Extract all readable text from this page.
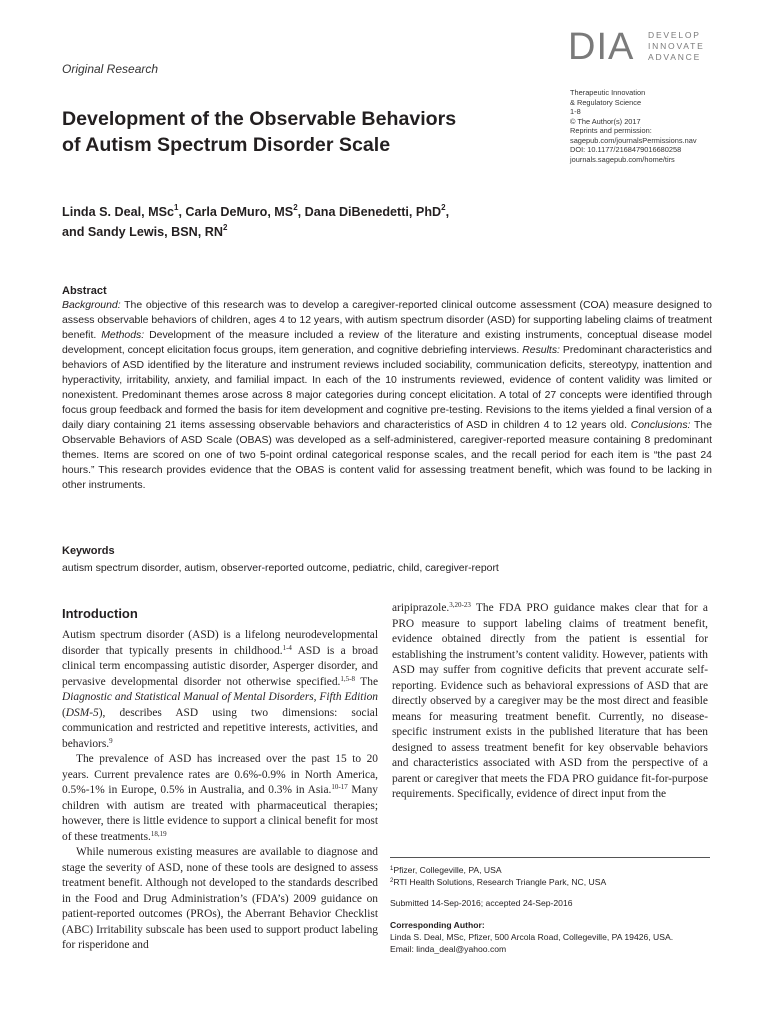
Original Research
DIA DEVELOP
INNOVATE
ADVANCE
Therapeutic Innovation
& Regulatory Science
1-8
© The Author(s) 2017
Reprints and permission:
sagepub.com/journalsPermissions.nav
DOI: 10.1177/2168479016680258
journals.sagepub.com/home/tirs
Development of the Observable Behaviors
of Autism Spectrum Disorder Scale
Linda S. Deal, MSc$^1$, Carla DeMuro, $MS^2$, Dana DiBenedetti, PhD$^2$,
and Sandy Lewis, BSN, $RN^2$
Abstract
Background: The objective of this research was to develop a caregiver-reported clinical outcome assessment (COA) measure designed to assess observable behaviors of children, ages 4 to 12 years, with autism spectrum disorder (ASD) for supporting labeling claims of treatment benefit. Methods: Development of the measure included a review of the literature and existing instruments, conceptual disease model development, concept elicitation focus groups, item generation, and cognitive debriefing interviews. Results: Predominant characteristics and behaviors of ASD identified by the literature and instrument reviews included sociability, communication deficits, stereotypy, inattention and hyperactivity, irritability, anxiety, and familial impact. In each of the 10 instruments reviewed, evidence of content validity was limited or nonexistent. Predominant themes arose across 8 major categories during concept elicitation. A total of 27 concepts were identified through focus group feedback and formed the basis for item development and cognitive pre-testing. Revisions to the items yielded a final version of a daily diary containing 21 items assessing observable behaviors and characteristics of ASD in children 4 to 12 years old. Conclusions: The Observable Behaviors of ASD Scale (OBAS) was developed as a self-administered, caregiver-reported measure containing 8 predominant themes. Items are scored on one of two 5-point ordinal categorical response scales, and the recall period for each item is “the past 24 hours.” This research provides evidence that the OBAS is content valid for assessing treatment benefit, which was found to be lacking in other instruments.
Keywords
autism spectrum disorder, autism, observer-reported outcome, pediatric, child, caregiver-report
Introduction

Autism spectrum disorder (ASD) is a lifelong neurodevelopmental disorder that typically presents in childhood.$^{1-4}$ ASD is a broad clinical term encompassing autistic disorder, Asperger disorder, and pervasive developmental disorder not otherwise specified.$^{1,5-8}$ The Diagnostic and Statistical Manual of Mental Disorders, Fifth Edition (DSM-5), describes ASD using two dimensions: social communication and restricted and repetitive interests, activities, and behaviors.$^9$

The prevalence of ASD has increased over the past 15 to 20 years. Current prevalence rates are 0.6%-0.9% in North America, 0.5%-1% in Europe, 0.5% in Australia, and 0.3% in Asia.$^{10-17}$ Many children with autism are treated with pharmaceutical therapies; however, there is little evidence to support a clinical benefit for most of these treatments.$^{18,19}$

While numerous existing measures are available to diagnose and stage the severity of ASD, none of these tools are designed to assess treatment benefit. Although not developed to the standards described in the Food and Drug Administration’s (FDA’s) 2009 guidance on patient-reported outcomes (PROs), the Aberrant Behavior Checklist (ABC) Irritability subscale has been used to support product labeling for risperidone and

aripiprazole.$^{3,20-23}$ The FDA PRO guidance makes clear that for a PRO measure to support labeling claims of treatment benefit, evidence obtained directly from the patient is essential for establishing the instrument’s content validity. However, patients with ASD may suffer from cognitive deficits that prevent accurate self-reporting. Evidence such as behavioral expressions of ASD that are directly observed by a caregiver may be the most direct and feasible means for measuring treatment benefit. Currently, no disease-specific instrument exists in the published literature that has been designed to assess treatment benefit for key observable behaviors and characteristics associated with ASD from the perspective of a parent or caregiver that meets the FDA PRO guidance fit-for-purpose requirements. Specifically, evidence of direct input from the

$^1$Pfizer, Collegeville, PA, USA
$^2$RTI Health Solutions, Research Triangle Park, NC, USA
Submitted 14-Sep-2016; accepted 24-Sep-2016
Corresponding Author:
Linda S. Deal, MSc, Pfizer, 500 Arcola Road, Collegeville, PA 19426, USA.
Email: linda_deal@yahoo.com
